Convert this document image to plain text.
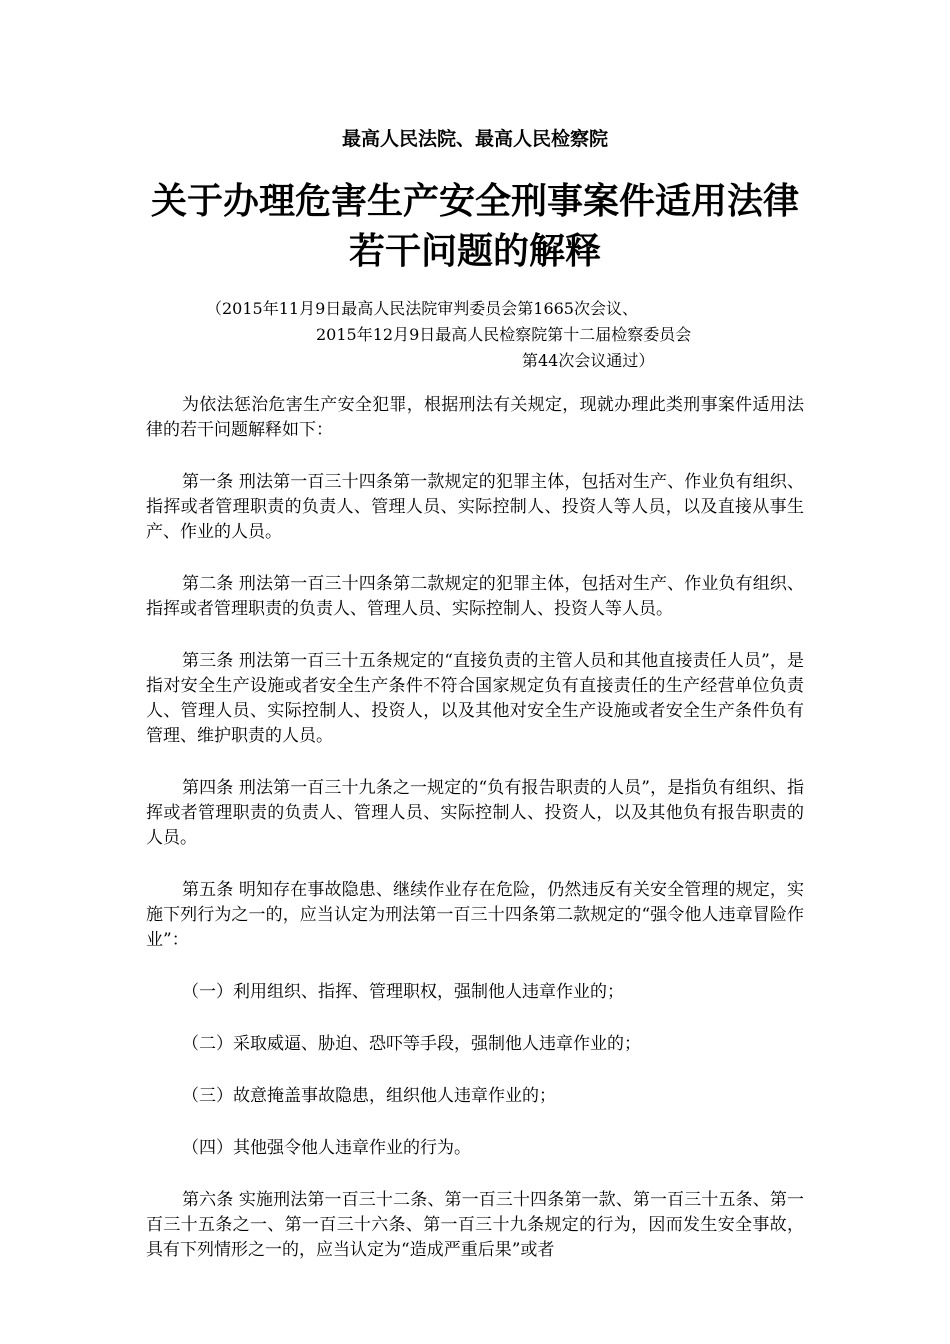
最高人民法院、最高人民检察院
关于办理危害生产安全刑事案件适用法律若干问题的解释
（2015年11月9日最高人民法院审判委员会第1665次会议、
2015年12月9日最高人民检察院第十二届检察委员会
第44次会议通过）

为依法惩治危害生产安全犯罪，根据刑法有关规定，现就办理此类刑事案件适用法律的若干问题解释如下：

第一条 刑法第一百三十四条第一款规定的犯罪主体，包括对生产、作业负有组织、指挥或者管理职责的负责人、管理人员、实际控制人、投资人等人员，以及直接从事生产、作业的人员。

第二条 刑法第一百三十四条第二款规定的犯罪主体，包括对生产、作业负有组织、指挥或者管理职责的负责人、管理人员、实际控制人、投资人等人员。

第三条 刑法第一百三十五条规定的“直接负责的主管人员和其他直接责任人员”，是指对安全生产设施或者安全生产条件不符合国家规定负有直接责任的生产经营单位负责人、管理人员、实际控制人、投资人，以及其他对安全生产设施或者安全生产条件负有管理、维护职责的人员。

第四条 刑法第一百三十九条之一规定的“负有报告职责的人员”，是指负有组织、指挥或者管理职责的负责人、管理人员、实际控制人、投资人，以及其他负有报告职责的人员。

第五条 明知存在事故隐患、继续作业存在危险，仍然违反有关安全管理的规定，实施下列行为之一的，应当认定为刑法第一百三十四条第二款规定的“强令他人违章冒险作业”：

（一）利用组织、指挥、管理职权，强制他人违章作业的；

（二）采取威逼、胁迫、恐吓等手段，强制他人违章作业的；

（三）故意掩盖事故隐患，组织他人违章作业的；

（四）其他强令他人违章作业的行为。

第六条 实施刑法第一百三十二条、第一百三十四条第一款、第一百三十五条、第一百三十五条之一、第一百三十六条、第一百三十九条规定的行为，因而发生安全事故，具有下列情形之一的，应当认定为“造成严重后果”或者
